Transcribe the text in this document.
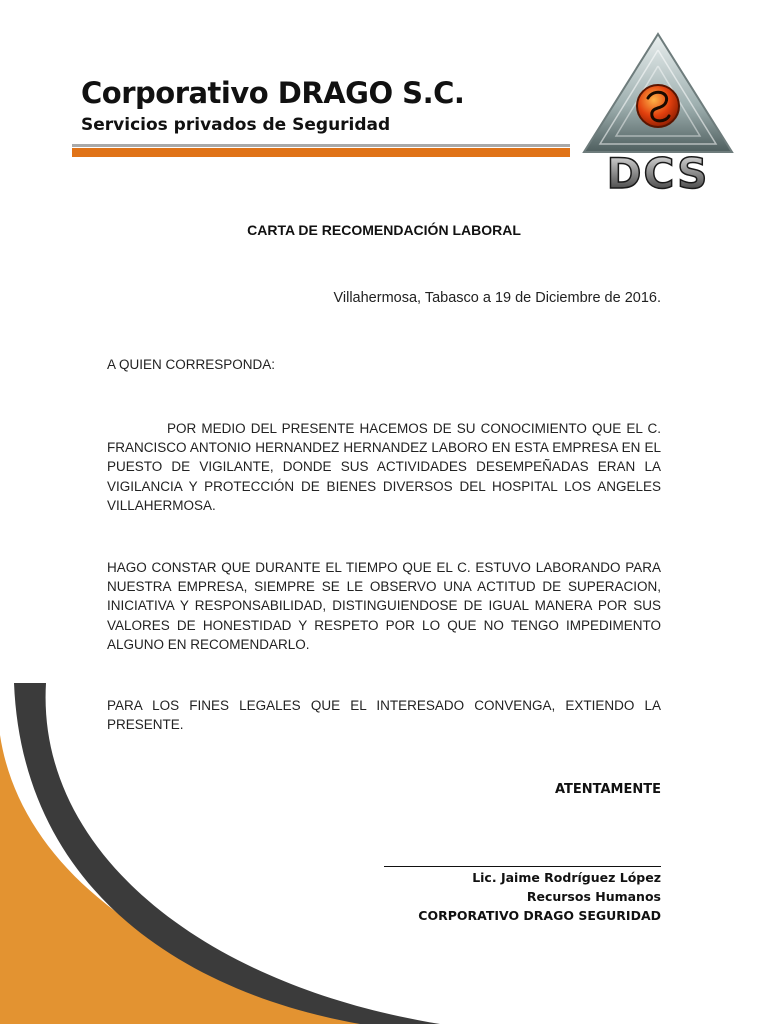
Corporativo DRAGO S.C.
Servicios privados de Seguridad
DCS
CARTA DE RECOMENDACIÓN LABORAL
Villahermosa, Tabasco a 19 de Diciembre de 2016.
A QUIEN CORRESPONDA:
POR MEDIO DEL PRESENTE HACEMOS DE SU CONOCIMIENTO QUE EL C. FRANCISCO ANTONIO HERNANDEZ HERNANDEZ LABORO EN ESTA EMPRESA EN EL PUESTO DE VIGILANTE, DONDE SUS ACTIVIDADES DESEMPEÑADAS ERAN LA VIGILANCIA Y PROTECCIÓN DE BIENES DIVERSOS DEL HOSPITAL LOS ANGELES VILLAHERMOSA.
HAGO CONSTAR QUE DURANTE EL TIEMPO QUE EL C. ESTUVO LABORANDO PARA NUESTRA EMPRESA, SIEMPRE SE LE OBSERVO UNA ACTITUD DE SUPERACION, INICIATIVA Y RESPONSABILIDAD, DISTINGUIENDOSE DE IGUAL MANERA POR SUS VALORES DE HONESTIDAD Y RESPETO POR LO QUE NO TENGO IMPEDIMENTO ALGUNO EN RECOMENDARLO.
PARA LOS FINES LEGALES QUE EL INTERESADO CONVENGA, EXTIENDO LA PRESENTE.
ATENTAMENTE
Lic. Jaime Rodríguez López
Recursos Humanos
CORPORATIVO DRAGO SEGURIDAD
